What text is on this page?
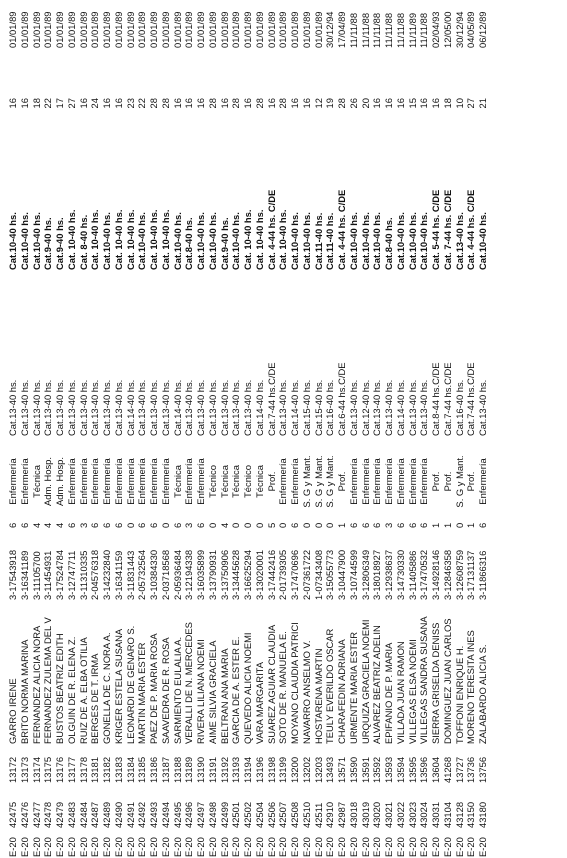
E-20
42475
13172
GARRO IRENE
3-17543918
6
Enfermería
Cat.13-40 hs.
Cat.10-40 hs.
16
01/01/89
E-20
42476
13173
BRITO NORMA MARINA
3-16341189
6
Enfermería
Cat.13-40 hs.
Cat.10-40 hs.
16
01/01/89
E-20
42477
13174
FERNANDEZ ALICIA NORA
3-11105700
4
Técnica
Cat.13-40 hs.
Cat.10-40 hs.
18
01/01/89
E-20
42478
13175
FERNANDEZ ZULEMA DEL V
3-11454931
4
Adm. Hosp.
Cat.13-40 hs.
Cat.9-40 hs.
22
01/01/89
E-20
42479
13176
BUSTOS BEATRIZ EDITH
3-17524784
4
Adm. Hosp.
Cat.13-40 hs.
Cat.9-40 hs.
17
01/01/89
E-20
42483
13177
OLGUIN DE R. ELENA Z.
3-12747711
6
Enfermería
Cat.13-40 hs.
Cat. 10-40 hs.
27
01/01/89
E-20
42484
13178
RUIZ DE A. ELBA OTILIA
3-11310335
3
Enfermería
Cat.13-40 hs.
Cat. 8-40 hs.
16
01/01/89
E-20
42487
13181
BERGES DE T. IRMA
2-04576318
6
Enfermería
Cat.13-40 hs.
Cat. 10-40 hs.
24
01/01/89
E-20
42489
13182
GONELLA DE C. NORA A.
3-14232840
6
Enfermería
Cat.13-40 hs.
Cat.10-40 hs.
16
01/01/89
E-20
42490
13183
KRIGER ESTELA SUSANA
3-16341159
6
Enfermería
Cat.13-40 hs.
Cat. 10-40 hs.
16
01/01/89
E-20
42491
13184
LEONARDI DE GENARO S.
3-11831443
0
Enfermería
Cat.14-40 hs.
Cat. 10-40 hs.
23
01/01/89
E-20
42492
13185
MARTIN MARIA ESTER
2-05732564
6
Enfermería
Cat.13-40 hs.
Cat.10-40 hs.
22
01/01/89
E-20
42493
13186
PAEZ DE P. MARIA ROSA
3-10384330
6
Enfermería
Cat.13-40 hs.
Cat. 10-40 hs.
28
01/01/89
E-20
42494
13187
SAAVEDRA DE R. ROSA
2-03718568
0
Enfermería
Cat.13-40 hs.
Cat. 10-40 hs.
28
01/01/89
E-20
42495
13188
SARMIENTO EULALIA A.
2-05936484
6
Técnica
Cat.14-40 hs.
Cat.10-40 hs.
16
01/01/89
E-20
42496
13189
VERALLI DE N. MERCEDES
3-12194338
3
Enfermería
Cat.13-40 hs.
Cat.8-40 hs.
16
01/01/89
E-20
42497
13190
RIVERA LILIANA NOEMI
3-16035899
6
Enfermería
Cat.13-40 hs.
Cat.10-40 hs.
16
01/01/89
E-20
42498
13191
AIME SILVIA GRACIELA
3-13790931
0
Técnico
Cat.13-40 hs.
Cat.10-40 hs.
28
01/01/89
E-20
42499
13192
BELTRAN ANA MARIA
3-13750906
4
Técnica
Cat.13-40 hs.
Cat.9-40 hs.
16
01/01/89
E-20
42501
13193
GARCIA DE A. ESTER E.
3-13445628
0
Técnica
Cat.13-40 hs.
Cat.10-40 hs.
28
01/01/89
E-20
42502
13194
QUEVEDO ALICIA NOEMI
3-16625294
0
Técnico
Cat.13-40 hs.
Cat. 10-40 hs.
16
01/01/89
E-20
42504
13196
VARA MARGARITA
3-13020001
0
Técnica
Cat.14-40 hs.
Cat. 10-40 hs.
28
01/01/89
E-20
42506
13198
SUAREZ AGUIAR CLAUDIA
3-17442416
5
Prof.
Cat.7-44 hs.C/DE
Cat. 4-44 hs. C/DE
16
01/01/89
E-20
42507
13199
SOTO DE R. MANUELA E.
2-01739305
0
Enfermería
Cat.13-40 hs.
Cat. 10-40 hs.
28
01/01/89
E-20
42508
13200
MOYANO CLAUDIA PATRICI
3-17470696
6
Enfermería
Cat.14-40 hs.
Cat.10-40 hs.
16
01/01/89
E-20
42510
13202
NAVARRO ANSELMO V.
2-07361722
0
S. G y Mant.
Cat.15-40 hs.
Cat.10-40 hs.
16
01/01/89
E-20
42511
13203
HOSTARENA MARTIN
1-07343408
0
S. G y Mant.
Cat.15-40 hs.
Cat.11-40 hs.
12
01/01/89
E-20
42910
13493
TEULY EVERILDO OSCAR
3-15055773
0
S. G y Mant.
Cat.16-40 hs.
Cat.11-40 hs.
19
30/12/94
E-20
42987
13571
CHARAFEDIN ADRIANA
3-10447900
1
Prof.
Cat.6-44 hs.C/DE
Cat. 4-44 hs. C/DE
28
17/04/89
E-20
43018
13590
URMENTE MARIA ESTER
3-10744599
6
Enfermería
Cat.13-40 hs.
Cat.10-40 hs.
26
11/11/88
E-20
43019
13591
URQUIZA GRACIELA NOEMI
3-12806349
6
Enfermería
Cat.12-40 hs.
Cat.10-40 hs.
20
11/11/88
E-20
43020
13592
ALVAREZ BEATRIZ ADELIN
3-18018927
6
Enfermería
Cat.13-40 hs.
Cat.10-40 hs.
16
11/11/88
E-20
43021
13593
EPIFANIO DE P. MARIA
3-12938637
3
Enfermería
Cat.13-40 hs.
Cat.8-40 hs.
16
11/11/88
E-20
43022
13594
VILLADA JUAN RAMON
3-14730330
6
Enfermería
Cat.14-40 hs.
Cat.10-40 hs.
16
11/11/88
E-20
43023
13595
VILLEGAS ELSA NOEMI
3-11405886
6
Enfermería
Cat.13-40 hs.
Cat.10-40 hs.
15
11/11/89
E-20
43024
13596
VILLEGAS SANDRA SUSANA
3-17470532
6
Enfermería
Cat.13-40 hs.
Cat.10-40 hs.
16
11/11/88
E-20
43031
13604
SIERRA GRISELDA DENISS
3-14928146
1
Prof.
Cat.8-44 hs.C/DE
Cat. 5-44 hs. C/DE
16
02/04/93
E-20
43104
41268
DOMINGUEZ JUAN CARLOS
3-12846358
1
Prof.
Cat.7-44 hs.C/DE
Cat. 7-44 hs. C/DE
18
12/05/00
E-20
43128
13727
TOFFONI ENRIQUE H.
3-12608759
0
S. G y Mant.
Cat.16-40 hs.
Cat.13-40 hs.
10
30/12/94
E-20
43150
13736
MORENO TERESITA INES
3-17131137
1
Prof.
Cat.7-44 hs.C/DE
Cat. 4-44 hs. C/DE
27
04/05/89
E-20
43180
13756
ZALABARDO ALICIA S.
3-11866316
6
Enfermería
Cat.13-40 hs.
Cat.10-40 hs.
21
06/12/89
